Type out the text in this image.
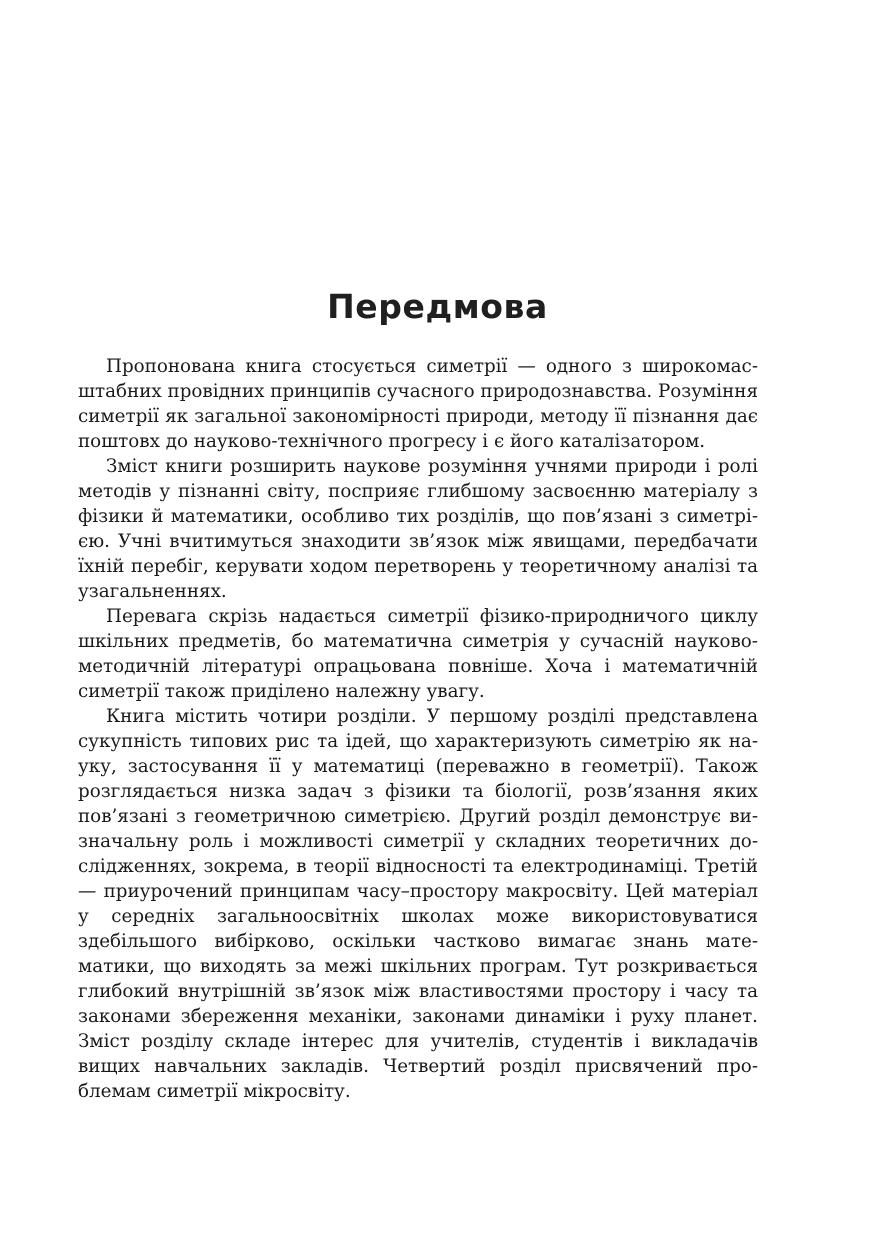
Передмова

Пропонована книга стосується симетрії — одного з широкомасштабних провідних принципів сучасного природознавства. Розуміння симетрії як загальної закономірності природи, методу її пізнання дає поштовх до науково-технічного прогресу і є його каталізатором.

Зміст книги розширить наукове розуміння учнями природи і ролі методів у пізнанні світу, посприяє глибшому засвоєнню матеріалу з фізики й математики, особливо тих розділів, що пов’язані з симетрією. Учні вчитимуться знаходити зв’язок між явищами, передбачати їхній перебіг, керувати ходом перетворень у теоретичному аналізі та узагальненнях.

Перевага скрізь надається симетрії фізико-природничого циклу шкільних предметів, бо математична симетрія у сучасній науково-методичній літературі опрацьована повніше. Хоча і математичній симетрії також приділено належну увагу.

Книга містить чотири розділи. У першому розділі представлена сукупність типових рис та ідей, що характеризують симетрію як науку, застосування її у математиці (переважно в геометрії). Також розглядається низка задач з фізики та біології, розв’язання яких пов’язані з геометричною симетрією. Другий розділ демонструє визначальну роль і можливості симетрії у складних теоретичних дослідженнях, зокрема, в теорії відносності та електродинаміці. Третій — приурочений принципам часу–простору макросвіту. Цей матеріал у середніх загальноосвітніх школах може використовуватися здебільшого вибірково, оскільки частково вимагає знань математики, що виходять за межі шкільних програм. Тут розкривається глибокий внутрішній зв’язок між властивостями простору і часу та законами збереження механіки, законами динаміки і руху планет. Зміст розділу складе інтерес для учителів, студентів і викладачів вищих навчальних закладів. Четвертий розділ присвячений проблемам симетрії мікросвіту.
